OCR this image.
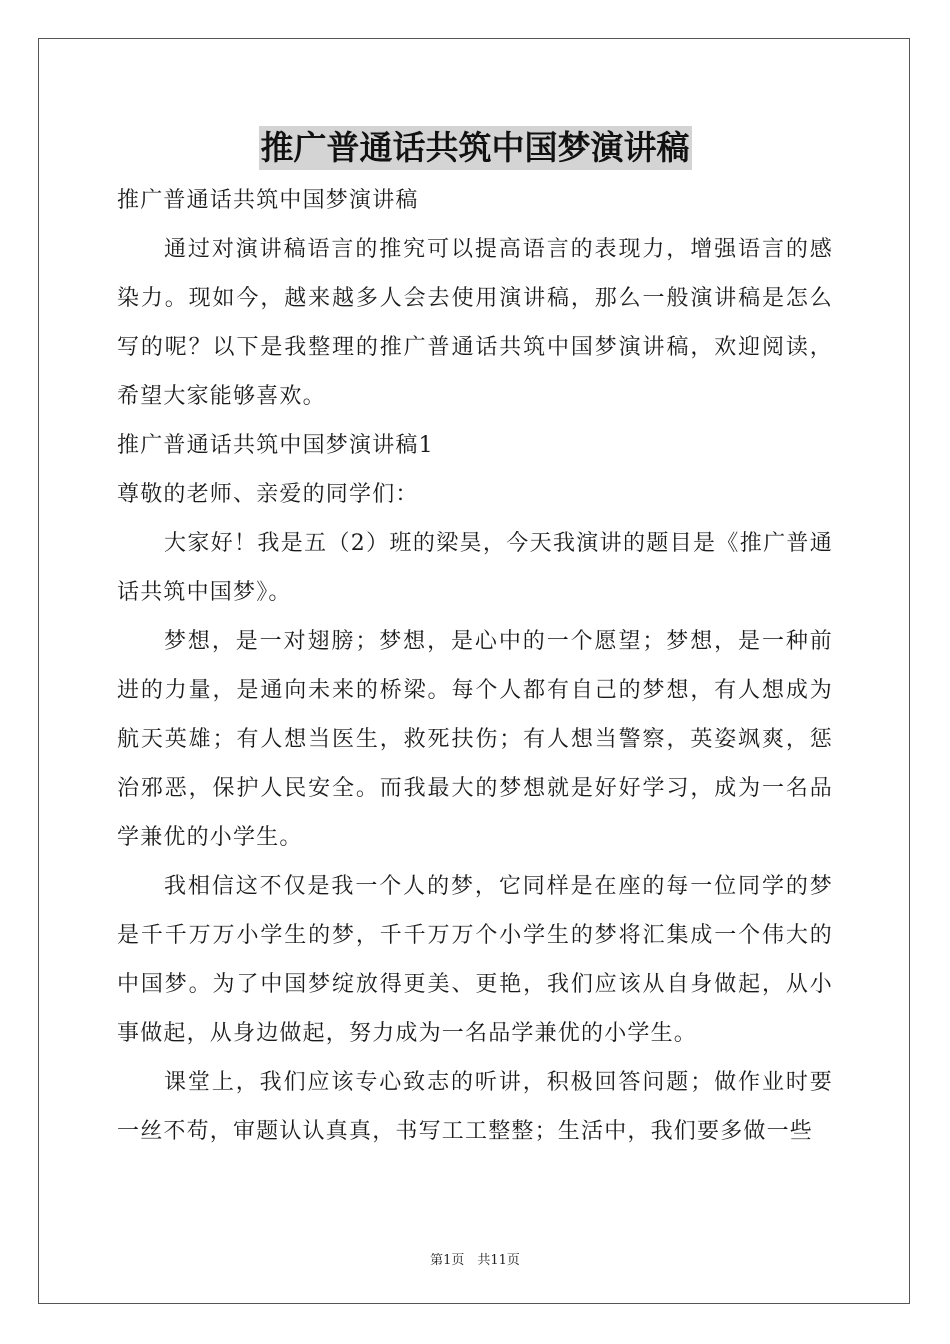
推广普通话共筑中国梦演讲稿

推广普通话共筑中国梦演讲稿

通过对演讲稿语言的推究可以提高语言的表现力，增强语言的感染力。现如今，越来越多人会去使用演讲稿，那么一般演讲稿是怎么写的呢？以下是我整理的推广普通话共筑中国梦演讲稿，欢迎阅读，希望大家能够喜欢。

推广普通话共筑中国梦演讲稿1

尊敬的老师、亲爱的同学们：

大家好！我是五（2）班的梁昊，今天我演讲的题目是《推广普通话共筑中国梦》。

梦想，是一对翅膀；梦想，是心中的一个愿望；梦想，是一种前进的力量，是通向未来的桥梁。每个人都有自己的梦想，有人想成为航天英雄；有人想当医生，救死扶伤；有人想当警察，英姿飒爽，惩治邪恶，保护人民安全。而我最大的梦想就是好好学习，成为一名品学兼优的小学生。

我相信这不仅是我一个人的梦，它同样是在座的每一位同学的梦是千千万万小学生的梦，千千万万个小学生的梦将汇集成一个伟大的中国梦。为了中国梦绽放得更美、更艳，我们应该从自身做起，从小事做起，从身边做起，努力成为一名品学兼优的小学生。

课堂上，我们应该专心致志的听讲，积极回答问题；做作业时要一丝不苟，审题认认真真，书写工工整整；生活中，我们要多做一些

第1页　共11页
